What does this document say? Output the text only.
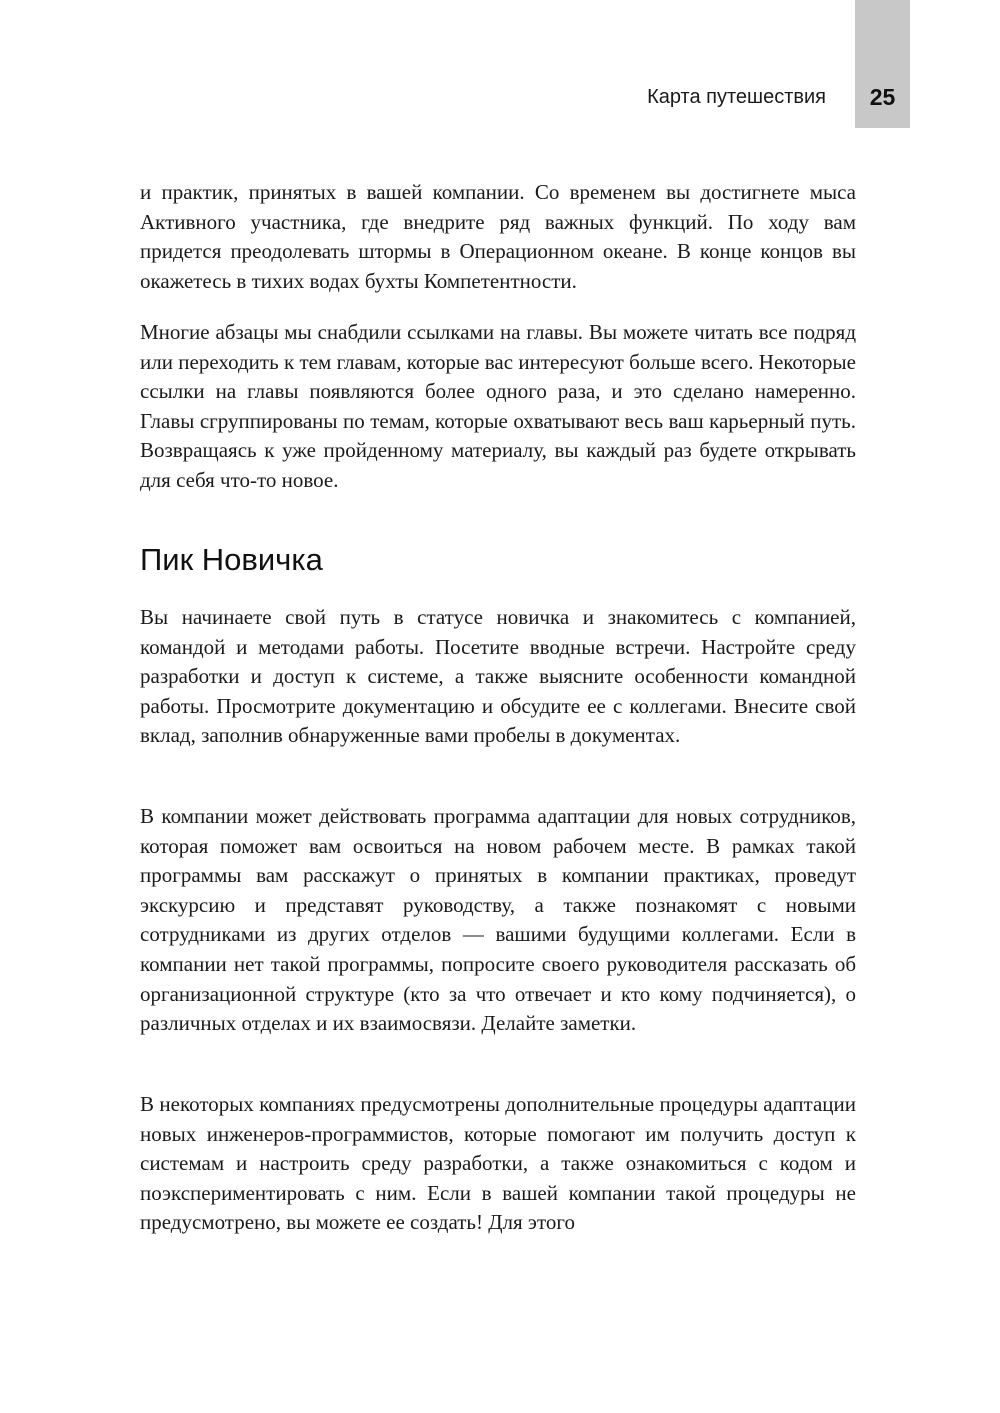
Карта путешествия	25

и практик, принятых в вашей компании. Со временем вы достигнете мыса Активного участника, где внедрите ряд важных функций. По ходу вам придется преодолевать штормы в Операционном океане. В конце концов вы окажетесь в тихих водах бухты Компетентности.

Многие абзацы мы снабдили ссылками на главы. Вы можете читать все подряд или переходить к тем главам, которые вас интересуют больше всего. Некоторые ссылки на главы появляются более одного раза, и это сделано намеренно. Главы сгруппированы по темам, которые охватывают весь ваш карьерный путь. Возвращаясь к уже пройденному материалу, вы каждый раз будете открывать для себя что-то новое.

Пик Новичка

Вы начинаете свой путь в статусе новичка и знакомитесь с компанией, командой и методами работы. Посетите вводные встречи. Настройте среду разработки и доступ к системе, а также выясните особенности командной работы. Просмотрите документацию и обсудите ее с коллегами. Внесите свой вклад, заполнив обнаруженные вами пробелы в документах.

В компании может действовать программа адаптации для новых сотрудников, которая поможет вам освоиться на новом рабочем месте. В рамках такой программы вам расскажут о принятых в компании практиках, проведут экскурсию и представят руководству, а также познакомят с новыми сотрудниками из других отделов — вашими будущими коллегами. Если в компании нет такой программы, попросите своего руководителя рассказать об организационной структуре (кто за что отвечает и кто кому подчиняется), о различных отделах и их взаимосвязи. Делайте заметки.

В некоторых компаниях предусмотрены дополнительные процедуры адаптации новых инженеров-программистов, которые помогают им получить доступ к системам и настроить среду разработки, а также ознакомиться с кодом и поэкспериментировать с ним. Если в вашей компании такой процедуры не предусмотрено, вы можете ее создать! Для этого
